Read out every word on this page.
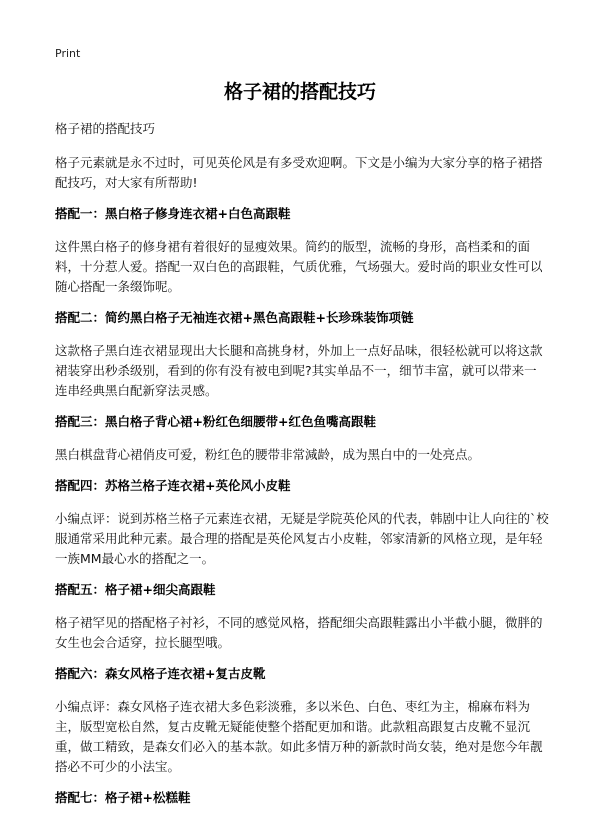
Print
格子裙的搭配技巧
格子裙的搭配技巧

格子元素就是永不过时，可见英伦风是有多受欢迎啊。下文是小编为大家分享的格子裙搭配技巧，对大家有所帮助!

搭配一：黑白格子修身连衣裙+白色高跟鞋

这件黑白格子的修身裙有着很好的显瘦效果。简约的版型，流畅的身形，高档柔和的面料，十分惹人爱。搭配一双白色的高跟鞋，气质优雅，气场强大。爱时尚的职业女性可以随心搭配一条缀饰呢。

搭配二：简约黑白格子无袖连衣裙+黑色高跟鞋+长珍珠装饰项链

这款格子黑白连衣裙显现出大长腿和高挑身材，外加上一点好品味，很轻松就可以将这款裙装穿出秒杀级别，看到的你有没有被电到呢?其实单品不一，细节丰富，就可以带来一连串经典黑白配新穿法灵感。

搭配三：黑白格子背心裙+粉红色细腰带+红色鱼嘴高跟鞋

黑白棋盘背心裙俏皮可爱，粉红色的腰带非常減龄，成为黑白中的一处亮点。

搭配四：苏格兰格子连衣裙+英伦风小皮鞋

小编点评：说到苏格兰格子元素连衣裙，无疑是学院英伦风的代表，韩剧中让人向往的`校服通常采用此种元素。最合理的搭配是英伦风复古小皮鞋，邻家清新的风格立现，是年轻一族MM最心水的搭配之一。

搭配五：格子裙+细尖高跟鞋

格子裙罕见的搭配格子衬衫，不同的感觉风格，搭配细尖高跟鞋露出小半截小腿，微胖的女生也会合适穿，拉长腿型哦。

搭配六：森女风格子连衣裙+复古皮靴

小编点评：森女风格子连衣裙大多色彩淡雅，多以米色、白色、枣红为主，棉麻布料为主，版型宽松自然，复古皮靴无疑能使整个搭配更加和谐。此款粗高跟复古皮靴不显沉重，做工精致，是森女们必入的基本款。如此多情万种的新款时尚女装，绝对是您今年靓搭必不可少的小法宝。

搭配七：格子裙+松糕鞋
